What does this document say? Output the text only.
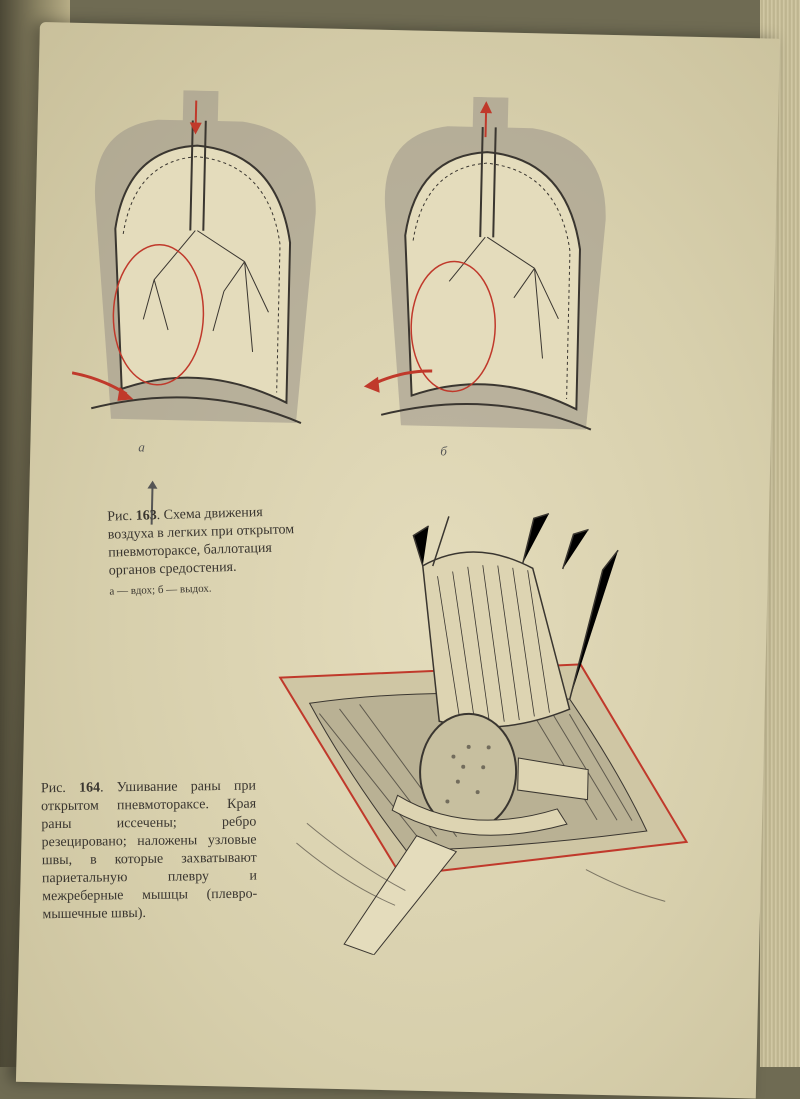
а	б
Рис. 163. Схема движения воздуха в легких при открытом пневмотораксе, баллотация органов средостения.
а — вдох; б — выдох.
Рис. 164. Ушивание раны при открытом пневмотораксе. Края раны иссечены; ребро резецировано; наложены узловые швы, в которые захватывают париетальную плевру и межреберные мышцы (плевро-мышечные швы).
